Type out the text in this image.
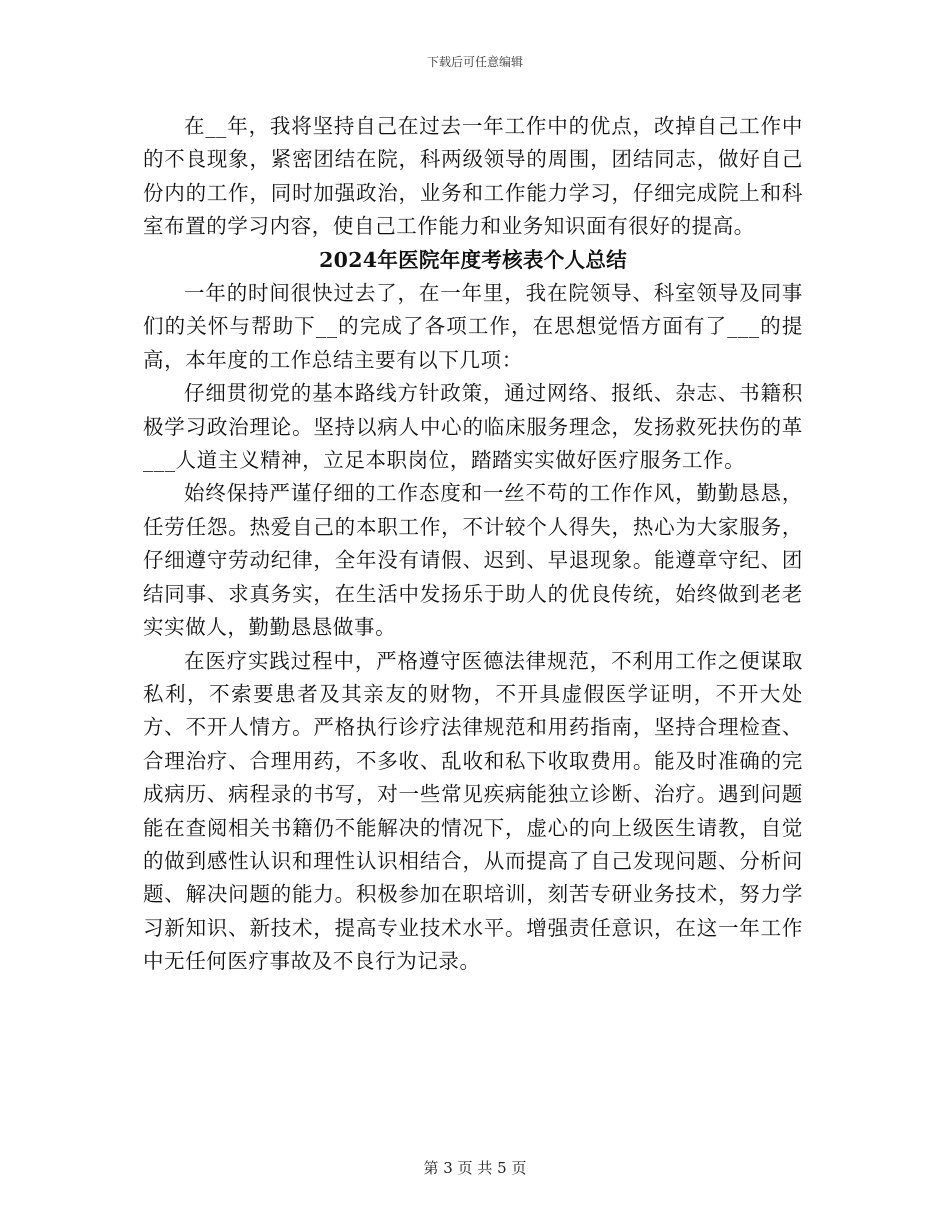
下载后可任意编辑

在__年，我将坚持自己在过去一年工作中的优点，改掉自己工作中的不良现象，紧密团结在院，科两级领导的周围，团结同志，做好自己份内的工作，同时加强政治，业务和工作能力学习，仔细完成院上和科室布置的学习内容，使自己工作能力和业务知识面有很好的提高。

2024年医院年度考核表个人总结

一年的时间很快过去了，在一年里，我在院领导、科室领导及同事们的关怀与帮助下__的完成了各项工作，在思想觉悟方面有了___的提高，本年度的工作总结主要有以下几项：

仔细贯彻党的基本路线方针政策，通过网络、报纸、杂志、书籍积极学习政治理论。坚持以病人中心的临床服务理念，发扬救死扶伤的革___人道主义精神，立足本职岗位，踏踏实实做好医疗服务工作。

始终保持严谨仔细的工作态度和一丝不苟的工作作风，勤勤恳恳，任劳任怨。热爱自己的本职工作，不计较个人得失，热心为大家服务，仔细遵守劳动纪律，全年没有请假、迟到、早退现象。能遵章守纪、团结同事、求真务实，在生活中发扬乐于助人的优良传统，始终做到老老实实做人，勤勤恳恳做事。

在医疗实践过程中，严格遵守医德法律规范，不利用工作之便谋取私利，不索要患者及其亲友的财物，不开具虚假医学证明，不开大处方、不开人情方。严格执行诊疗法律规范和用药指南，坚持合理检查、合理治疗、合理用药，不多收、乱收和私下收取费用。能及时准确的完成病历、病程录的书写，对一些常见疾病能独立诊断、治疗。遇到问题能在查阅相关书籍仍不能解决的情况下，虚心的向上级医生请教，自觉的做到感性认识和理性认识相结合，从而提高了自己发现问题、分析问题、解决问题的能力。积极参加在职培训，刻苦专研业务技术，努力学习新知识、新技术，提高专业技术水平。增强责任意识，在这一年工作中无任何医疗事故及不良行为记录。

第 3 页 共 5 页
